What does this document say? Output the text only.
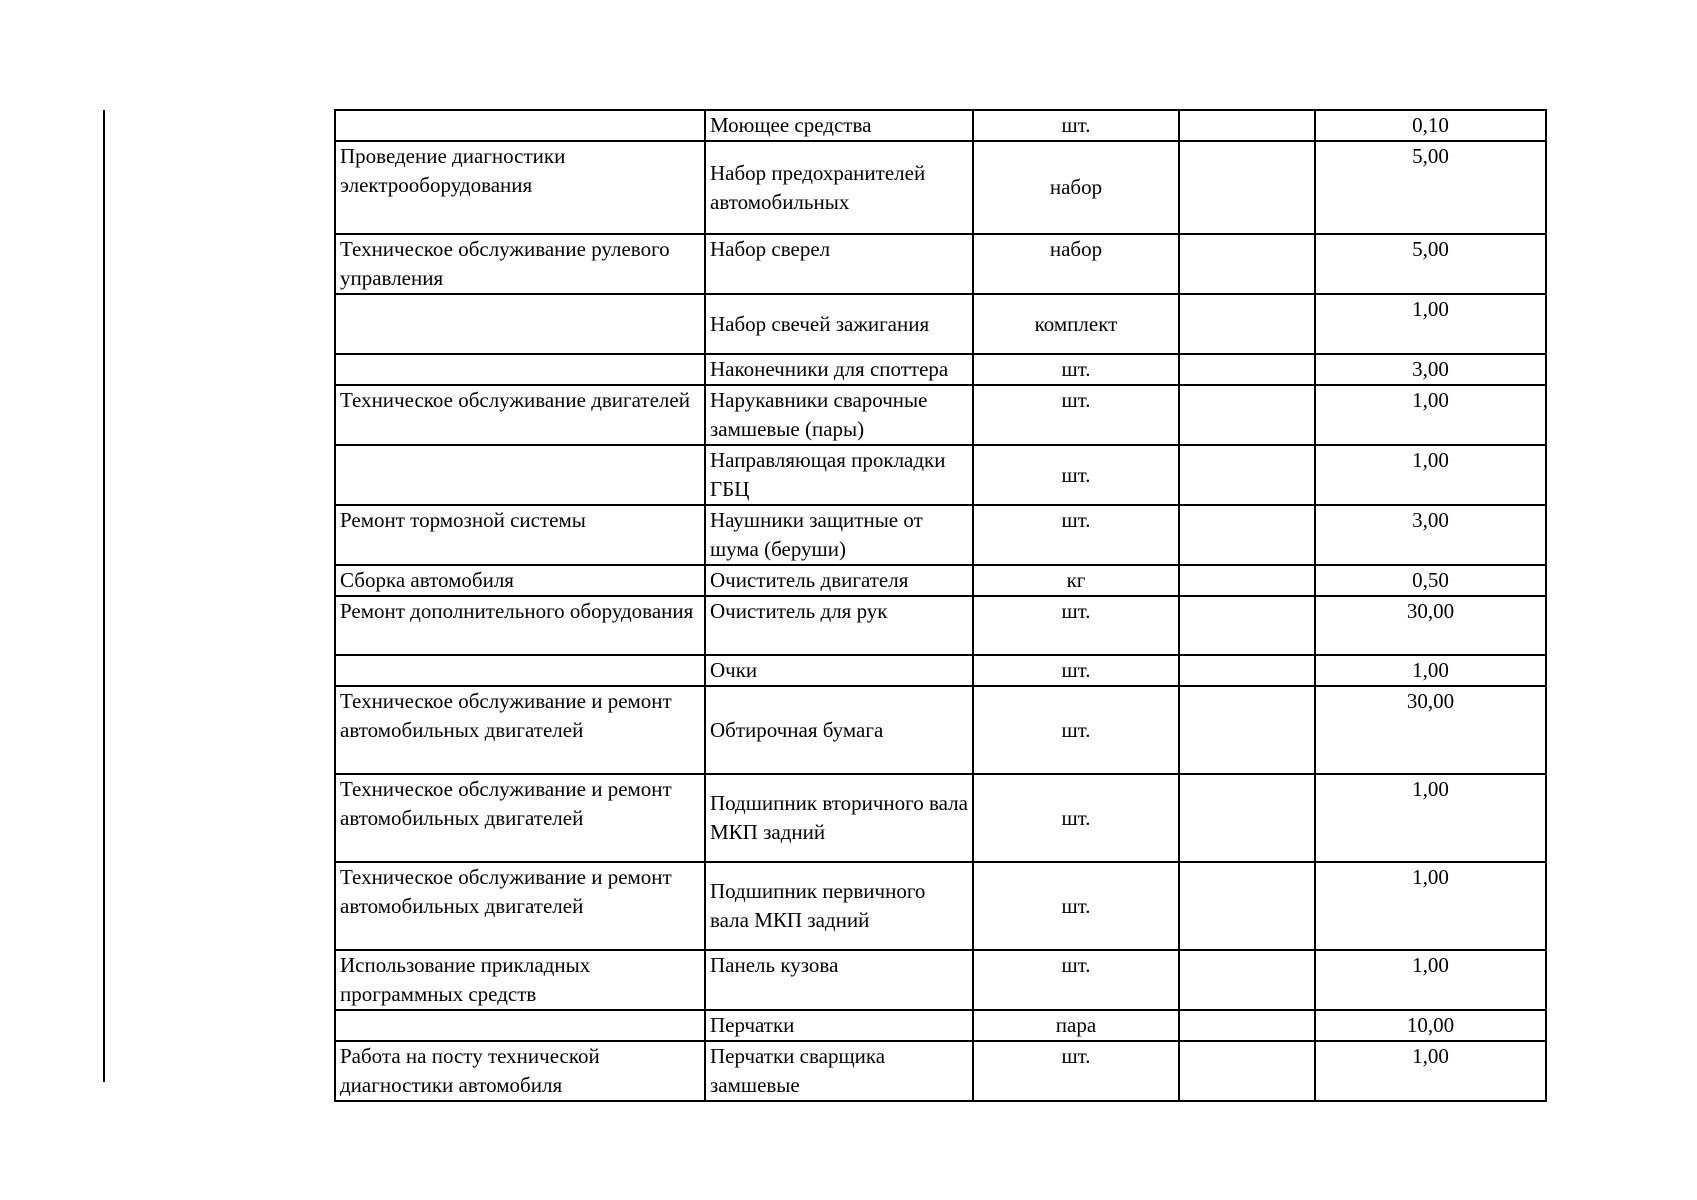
	Моющее средства	шт.		0,10
Проведение диагностики электрооборудования	Набор предохранителей автомобильных	набор		5,00
Техническое обслуживание рулевого управления	Набор сверел	набор		5,00
	Набор свечей зажигания	комплект		1,00
	Наконечники для споттера	шт.		3,00
Техническое обслуживание двигателей	Нарукавники сварочные замшевые (пары)	шт.		1,00
	Направляющая прокладки ГБЦ	шт.		1,00
Ремонт тормозной системы	Наушники защитные от шума (беруши)	шт.		3,00
Сборка автомобиля	Очиститель двигателя	кг		0,50
Ремонт дополнительного оборудования	Очиститель для рук	шт.		30,00
	Очки	шт.		1,00
Техническое обслуживание и ремонт автомобильных двигателей	Обтирочная бумага	шт.		30,00
Техническое обслуживание и ремонт автомобильных двигателей	Подшипник вторичного вала МКП задний	шт.		1,00
Техническое обслуживание и ремонт автомобильных двигателей	Подшипник первичного вала МКП задний	шт.		1,00
Использование прикладных программных средств	Панель кузова	шт.		1,00
	Перчатки	пара		10,00
Работа на посту технической диагностики автомобиля	Перчатки сварщика замшевые	шт.		1,00
